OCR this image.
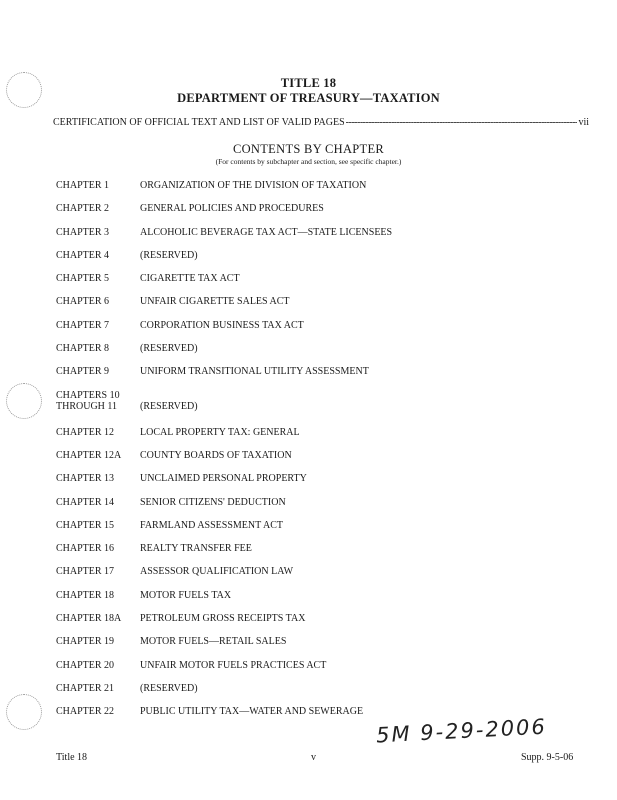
TITLE 18
DEPARTMENT OF TREASURY—TAXATION
CERTIFICATION OF OFFICIAL TEXT AND LIST OF VALID PAGES
-----	vii
CONTENTS BY CHAPTER
(For contents by subchapter and section, see specific chapter.)
CHAPTER 1	ORGANIZATION OF THE DIVISION OF TAXATION
CHAPTER 2	GENERAL POLICIES AND PROCEDURES
CHAPTER 3	ALCOHOLIC BEVERAGE TAX ACT—STATE LICENSEES
CHAPTER 4	(RESERVED)
CHAPTER 5	CIGARETTE TAX ACT
CHAPTER 6	UNFAIR CIGARETTE SALES ACT
CHAPTER 7	CORPORATION BUSINESS TAX ACT
CHAPTER 8	(RESERVED)
CHAPTER 9	UNIFORM TRANSITIONAL UTILITY ASSESSMENT
CHAPTERS 10
THROUGH 11 (RESERVED)
CHAPTER 12	LOCAL PROPERTY TAX: GENERAL
CHAPTER 12A COUNTY BOARDS OF TAXATION
CHAPTER 13	UNCLAIMED PERSONAL PROPERTY
CHAPTER 14	SENIOR CITIZENS' DEDUCTION
CHAPTER 15	FARMLAND ASSESSMENT ACT
CHAPTER 16	REALTY TRANSFER FEE
CHAPTER 17	ASSESSOR QUALIFICATION LAW
CHAPTER 18	MOTOR FUELS TAX
CHAPTER 18A PETROLEUM GROSS RECEIPTS TAX
CHAPTER 19	MOTOR FUELS—RETAIL SALES
CHAPTER 20	UNFAIR MOTOR FUELS PRACTICES ACT
CHAPTER 21	(RESERVED)
CHAPTER 22	PUBLIC UTILITY TAX—WATER AND SEWERAGE
5M 9-29-2006
Title 18	v	Supp. 9-5-06
